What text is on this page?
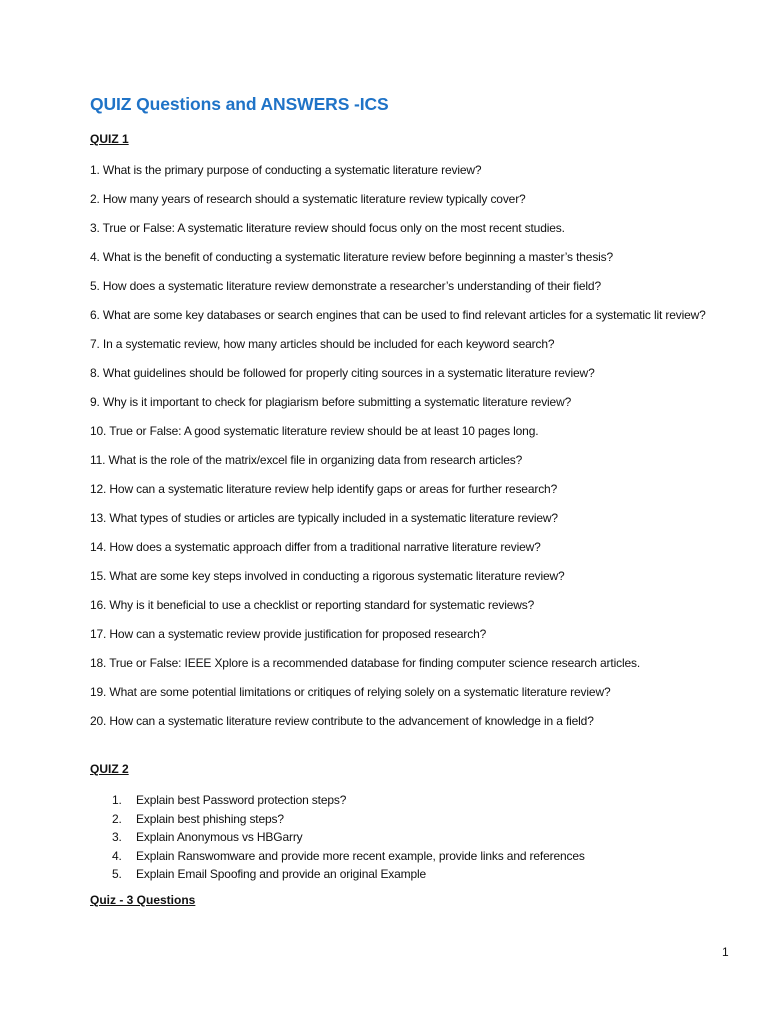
QUIZ Questions and ANSWERS -ICS
QUIZ 1
1. What is the primary purpose of conducting a systematic literature review?
2. How many years of research should a systematic literature review typically cover?
3. True or False: A systematic literature review should focus only on the most recent studies.
4. What is the benefit of conducting a systematic literature review before beginning a master’s thesis?
5. How does a systematic literature review demonstrate a researcher’s understanding of their field?
6. What are some key databases or search engines that can be used to find relevant articles for a systematic lit review?
7. In a systematic review, how many articles should be included for each keyword search?
8. What guidelines should be followed for properly citing sources in a systematic literature review?
9. Why is it important to check for plagiarism before submitting a systematic literature review?
10. True or False: A good systematic literature review should be at least 10 pages long.
11. What is the role of the matrix/excel file in organizing data from research articles?
12. How can a systematic literature review help identify gaps or areas for further research?
13. What types of studies or articles are typically included in a systematic literature review?
14. How does a systematic approach differ from a traditional narrative literature review?
15. What are some key steps involved in conducting a rigorous systematic literature review?
16. Why is it beneficial to use a checklist or reporting standard for systematic reviews?
17. How can a systematic review provide justification for proposed research?
18. True or False: IEEE Xplore is a recommended database for finding computer science research articles.
19. What are some potential limitations or critiques of relying solely on a systematic literature review?
20. How can a systematic literature review contribute to the advancement of knowledge in a field?
QUIZ 2
1.	Explain best Password protection steps?
2.	Explain best phishing steps?
3.	Explain Anonymous vs HBGarry
4.	Explain Ranswomware and provide more recent example, provide links and references
5.	Explain Email Spoofing and provide an original Example
Quiz - 3 Questions
1
